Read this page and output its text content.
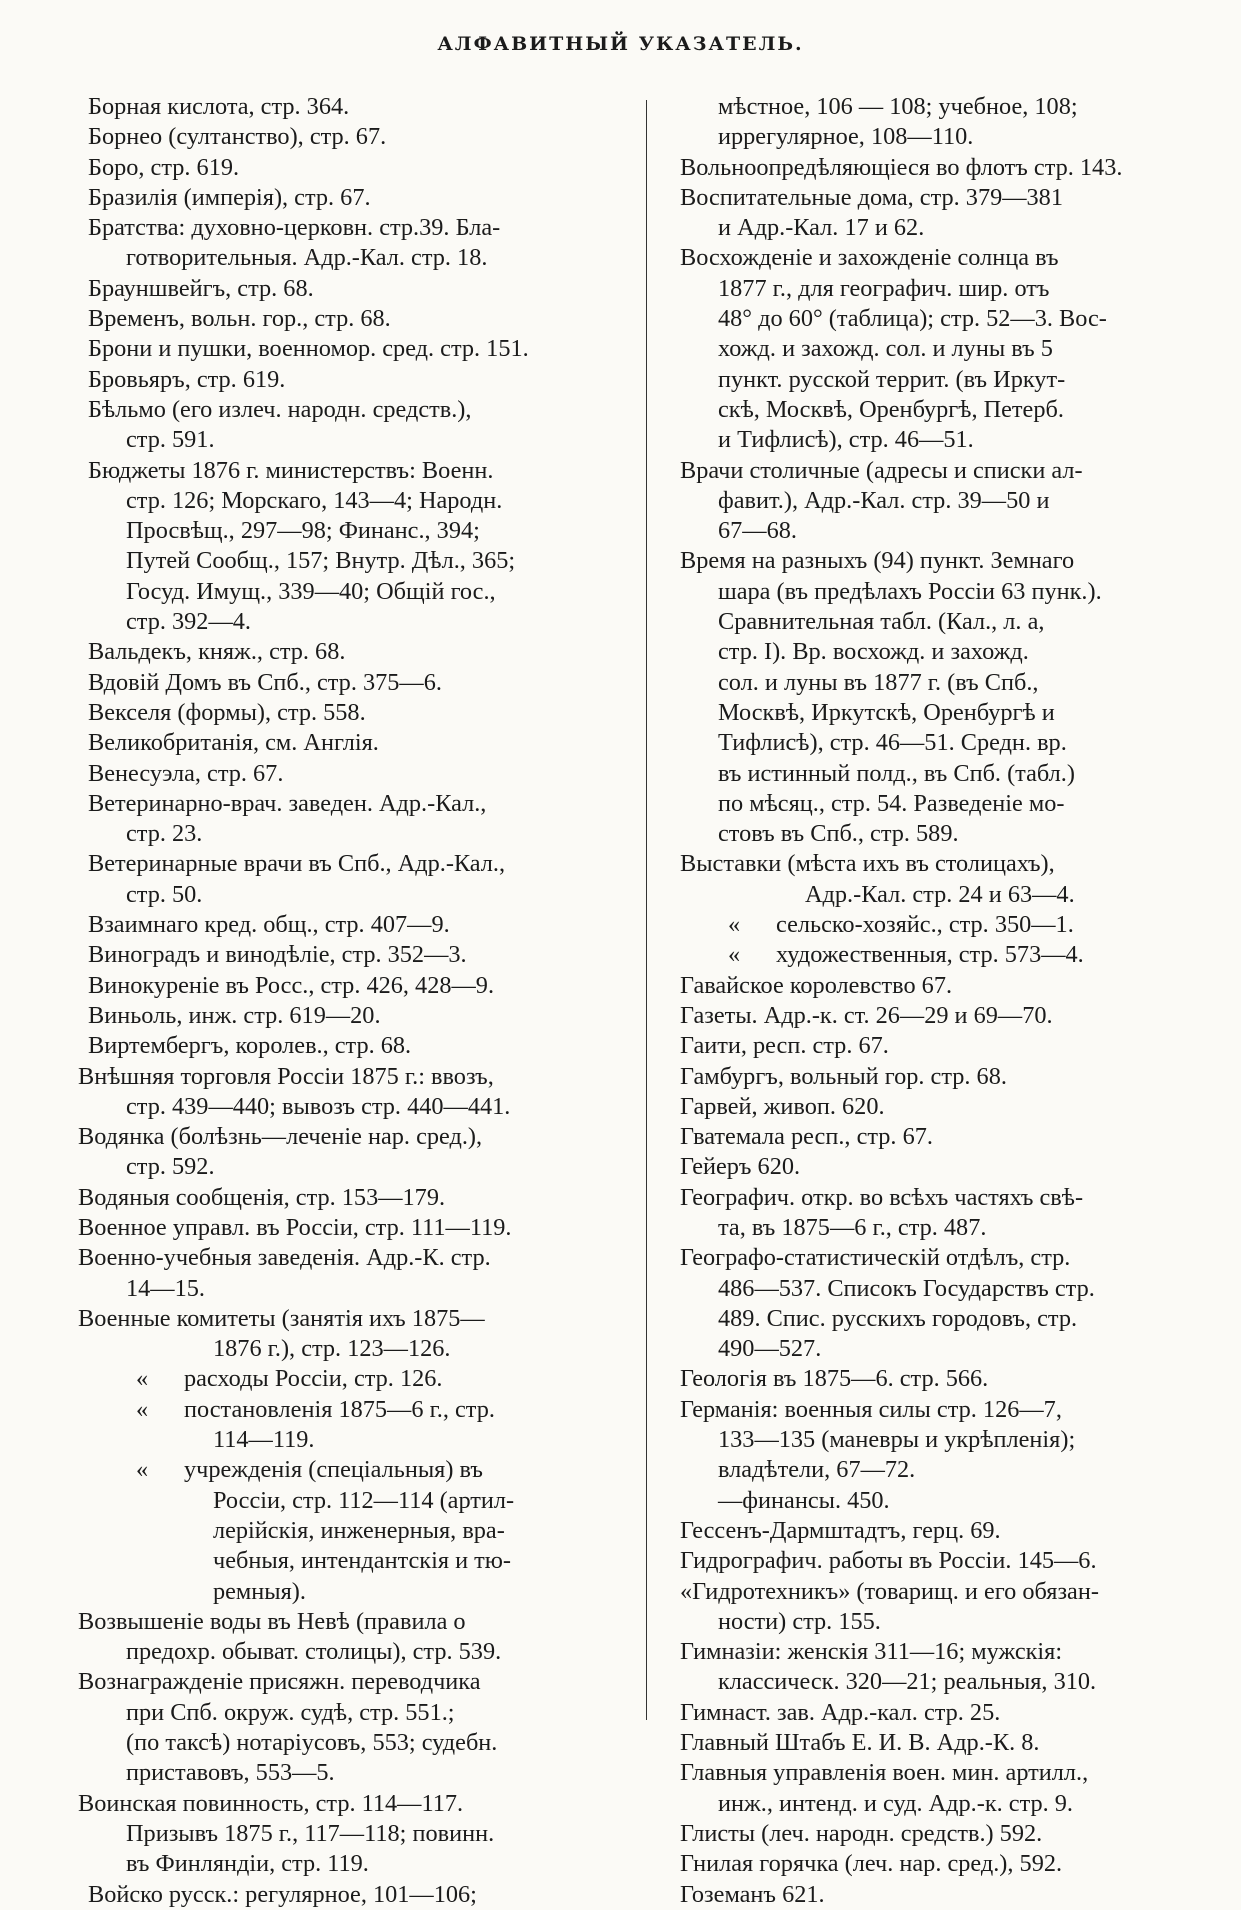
АЛФАВИТНЫЙ УКАЗАТЕЛЬ.
Борная кислота, стр. 364.
Борнео (султанство), стр. 67.
Боро, стр. 619.
Бразилія (имперія), стр. 67.
Братства: духовно-церковн. стр.39. Бла-
готворительныя. Адр.-Кал. стр. 18.
Брауншвейгъ, стр. 68.
Временъ, вольн. гор., стр. 68.
Брони и пушки, военномор. сред. стр. 151.
Бровьяръ, стр. 619.
Бѣльмо (его излеч. народн. средств.),
стр. 591.
Бюджеты 1876 г. министерствъ: Военн.
стр. 126; Морскаго, 143—4; Народн.
Просвѣщ., 297—98; Финанс., 394;
Путей Сообщ., 157; Внутр. Дѣл., 365;
Госуд. Имущ., 339—40; Общій гос.,
стр. 392—4.
Вальдекъ, княж., стр. 68.
Вдовій Домъ въ Спб., стр. 375—6.
Векселя (формы), стр. 558.
Великобританія, см. Англія.
Венесуэла, стр. 67.
Ветеринарно-врач. заведен. Адр.-Кал.,
стр. 23.
Ветеринарные врачи въ Спб., Адр.-Кал.,
стр. 50.
Взаимнаго кред. общ., стр. 407—9.
Виноградъ и винодѣліе, стр. 352—3.
Винокуреніе въ Росс., стр. 426, 428—9.
Виньоль, инж. стр. 619—20.
Виртембергъ, королев., стр. 68.
Внѣшняя торговля Россіи 1875 г.: ввозъ,
стр. 439—440; вывозъ стр. 440—441.
Водянка (болѣзнь—леченіе нар. сред.),
стр. 592.
Водяныя сообщенія, стр. 153—179.
Военное управл. въ Россіи, стр. 111—119.
Военно-учебныя заведенія. Адр.-К. стр.
14—15.
Военные комитеты (занятія ихъ 1875—
1876 г.), стр. 123—126.
« расходы Россіи, стр. 126.
« постановленія 1875—6 г., стр.
114—119.
« учрежденія (спеціальныя) въ
Россіи, стр. 112—114 (артил-
лерійскія, инженерныя, вра-
чебныя, интендантскія и тю-
ремныя).
Возвышеніе воды въ Невѣ (правила о
предохр. обыват. столицы), стр. 539.
Вознагражденіе присяжн. переводчика
при Спб. окруж. судѣ, стр. 551.;
(по таксѣ) нотаріусовъ, 553; судебн.
приставовъ, 553—5.
Воинская повинность, стр. 114—117.
Призывъ 1875 г., 117—118; повинн.
въ Финляндіи, стр. 119.
Войско русск.: регулярное, 101—106;
мѣстное, 106 — 108; учебное, 108;
иррегулярное, 108—110.
Вольноопредѣляющіеся во флотъ стр. 143.
Воспитательные дома, стр. 379—381
и Адр.-Кал. 17 и 62.
Восхожденіе и захожденіе солнца въ
1877 г., для географич. шир. отъ
48° до 60° (таблица); стр. 52—3. Вос-
хожд. и захожд. сол. и луны въ 5
пункт. русской террит. (въ Иркут-
скѣ, Москвѣ, Оренбургѣ, Петерб.
и Тифлисѣ), стр. 46—51.
Врачи столичные (адресы и списки ал-
фавит.), Адр.-Кал. стр. 39—50 и
67—68.
Время на разныхъ (94) пункт. Земнаго
шара (въ предѣлахъ Россіи 63 пунк.).
Сравнительная табл. (Кал., л. а,
стр. I). Вр. восхожд. и захожд.
сол. и луны въ 1877 г. (въ Спб.,
Москвѣ, Иркутскѣ, Оренбургѣ и
Тифлисѣ), стр. 46—51. Средн. вр.
въ истинный полд., въ Спб. (табл.)
по мѣсяц., стр. 54. Разведеніе мо-
стовъ въ Спб., стр. 589.
Выставки (мѣста ихъ въ столицахъ),
Адр.-Кал. стр. 24 и 63—4.
« сельско-хозяйс., стр. 350—1.
« художественныя, стр. 573—4.
Гавайское королевство 67.
Газеты. Адр.-к. ст. 26—29 и 69—70.
Гаити, респ. стр. 67.
Гамбургъ, вольный гор. стр. 68.
Гарвей, живоп. 620.
Гватемала респ., стр. 67.
Гейеръ 620.
Географич. откр. во всѣхъ частяхъ свѣ-
та, въ 1875—6 г., стр. 487.
Географо-статистическій отдѣлъ, стр.
486—537. Списокъ Государствъ стр.
489. Спис. русскихъ городовъ, стр.
490—527.
Геологія въ 1875—6. стр. 566.
Германія: военныя силы стр. 126—7,
133—135 (маневры и укрѣпленія);
владѣтели, 67—72.
—финансы. 450.
Гессенъ-Дармштадтъ, герц. 69.
Гидрографич. работы въ Россіи. 145—6.
«Гидротехникъ» (товарищ. и его обязан-
ности) стр. 155.
Гимназіи: женскія 311—16; мужскія:
классическ. 320—21; реальныя, 310.
Гимнаст. зав. Адр.-кал. стр. 25.
Главный Штабъ Е. И. В. Адр.-К. 8.
Главныя управленія воен. мин. артилл.,
инж., интенд. и суд. Адр.-к. стр. 9.
Глисты (леч. народн. средств.) 592.
Гнилая горячка (леч. нар. сред.), 592.
Гоземанъ 621.
